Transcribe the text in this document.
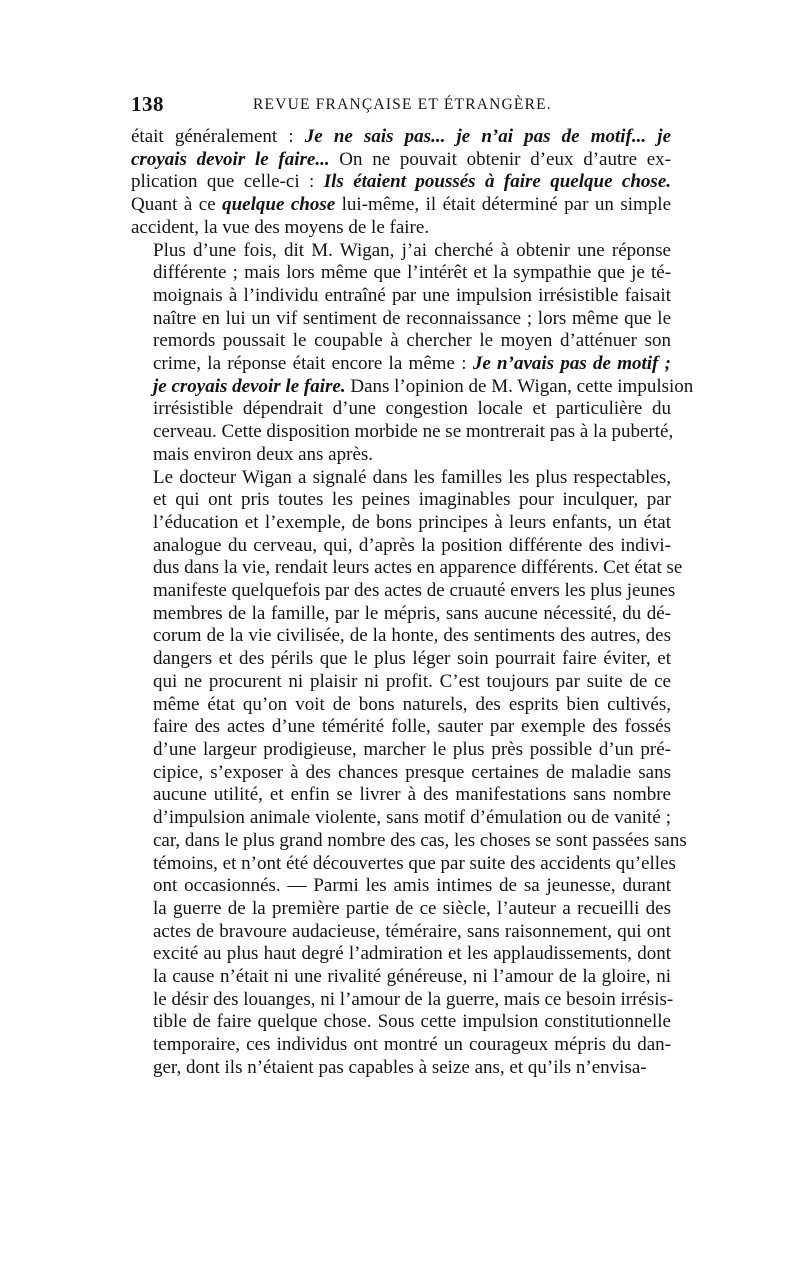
138	REVUE FRANÇAISE ET ÉTRANGÈRE.

était généralement : Je ne sais pas... je n’ai pas de motif... je
croyais devoir le faire... On ne pouvait obtenir d’eux d’autre ex-
plication que celle-ci : Ils étaient poussés à faire quelque chose.
Quant à ce quelque chose lui-même, il était déterminé par un simple
accident, la vue des moyens de le faire.

Plus d’une fois, dit M. Wigan, j’ai cherché à obtenir une réponse
différente ; mais lors même que l’intérêt et la sympathie que je té-
moignais à l’individu entraîné par une impulsion irrésistible faisait
naître en lui un vif sentiment de reconnaissance ; lors même que le
remords poussait le coupable à chercher le moyen d’atténuer son
crime, la réponse était encore la même : Je n’avais pas de motif ;
je croyais devoir le faire. Dans l’opinion de M. Wigan, cette impulsion
irrésistible dépendrait d’une congestion locale et particulière du
cerveau. Cette disposition morbide ne se montrerait pas à la puberté,
mais environ deux ans après.

Le docteur Wigan a signalé dans les familles les plus respectables,
et qui ont pris toutes les peines imaginables pour inculquer, par
l’éducation et l’exemple, de bons principes à leurs enfants, un état
analogue du cerveau, qui, d’après la position différente des indivi-
dus dans la vie, rendait leurs actes en apparence différents. Cet état se
manifeste quelquefois par des actes de cruauté envers les plus jeunes
membres de la famille, par le mépris, sans aucune nécessité, du dé-
corum de la vie civilisée, de la honte, des sentiments des autres, des
dangers et des périls que le plus léger soin pourrait faire éviter, et
qui ne procurent ni plaisir ni profit. C’est toujours par suite de ce
même état qu’on voit de bons naturels, des esprits bien cultivés,
faire des actes d’une témérité folle, sauter par exemple des fossés
d’une largeur prodigieuse, marcher le plus près possible d’un pré-
cipice, s’exposer à des chances presque certaines de maladie sans
aucune utilité, et enfin se livrer à des manifestations sans nombre
d’impulsion animale violente, sans motif d’émulation ou de vanité ;
car, dans le plus grand nombre des cas, les choses se sont passées sans
témoins, et n’ont été découvertes que par suite des accidents qu’elles
ont occasionnés. — Parmi les amis intimes de sa jeunesse, durant
la guerre de la première partie de ce siècle, l’auteur a recueilli des
actes de bravoure audacieuse, téméraire, sans raisonnement, qui ont
excité au plus haut degré l’admiration et les applaudissements, dont
la cause n’était ni une rivalité généreuse, ni l’amour de la gloire, ni
le désir des louanges, ni l’amour de la guerre, mais ce besoin irrésis-
tible de faire quelque chose. Sous cette impulsion constitutionnelle
temporaire, ces individus ont montré un courageux mépris du dan-
ger, dont ils n’étaient pas capables à seize ans, et qu’ils n’envisa-
